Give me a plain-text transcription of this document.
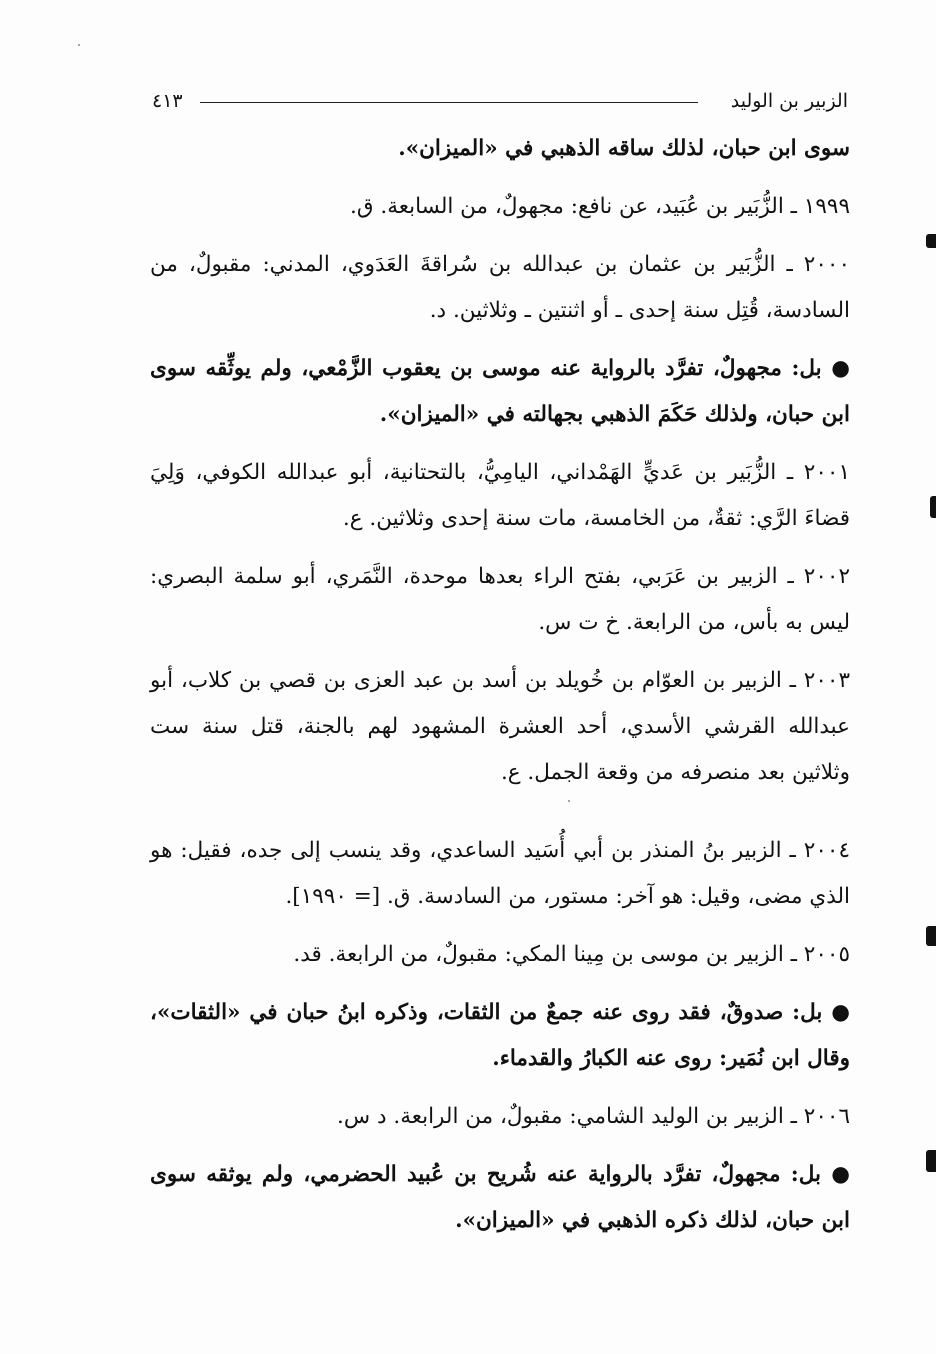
الزبير بن الوليد
٤١٣

سوى ابن حبان، لذلك ساقه الذهبي في «الميزان».

١٩٩٩ ـ الزُّبَير بن عُبَيد، عن نافع: مجهولٌ، من السابعة. ق.

٢٠٠٠ ـ الزُّبَير بن عثمان بن عبدالله بن سُراقةَ العَدَوي، المدني: مقبولٌ، من السادسة، قُتِل سنة إحدى ـ أو اثنتين ـ وثلاثين. د.

● بل: مجهولٌ، تفرَّد بالرواية عنه موسى بن يعقوب الزَّمْعي، ولم يوثِّقه سوى ابن حبان، ولذلك حَكَمَ الذهبي بجهالته في «الميزان».

٢٠٠١ ـ الزُّبَير بن عَديٍّ الهَمْداني، اليامِيُّ، بالتحتانية، أبو عبدالله الكوفي، وَلِيَ قضاءَ الرَّي: ثقةٌ، من الخامسة، مات سنة إحدى وثلاثين. ع.

٢٠٠٢ ـ الزبير بن عَرَبي، بفتح الراء بعدها موحدة، النَّمَري، أبو سلمة البصري: ليس به بأس، من الرابعة. خ ت س.

٢٠٠٣ ـ الزبير بن العوّام بن خُويلد بن أسد بن عبد العزى بن قصي بن كلاب، أبو عبدالله القرشي الأسدي، أحد العشرة المشهود لهم بالجنة، قتل سنة ست وثلاثين بعد منصرفه من وقعة الجمل. ع.

٢٠٠٤ ـ الزبير بنُ المنذر بن أبي أُسَيد الساعدي، وقد ينسب إلى جده، فقيل: هو الذي مضى، وقيل: هو آخر: مستور، من السادسة. ق. [= ١٩٩٠].

٢٠٠٥ ـ الزبير بن موسى بن مِينا المكي: مقبولٌ، من الرابعة. قد.

● بل: صدوقٌ، فقد روى عنه جمعٌ من الثقات، وذكره ابنُ حبان في «الثقات»، وقال ابن نُمَير: روى عنه الكبارُ والقدماء.

٢٠٠٦ ـ الزبير بن الوليد الشامي: مقبولٌ، من الرابعة. د س.

● بل: مجهولٌ، تفرَّد بالرواية عنه شُريح بن عُبيد الحضرمي، ولم يوثقه سوى ابن حبان، لذلك ذكره الذهبي في «الميزان».
